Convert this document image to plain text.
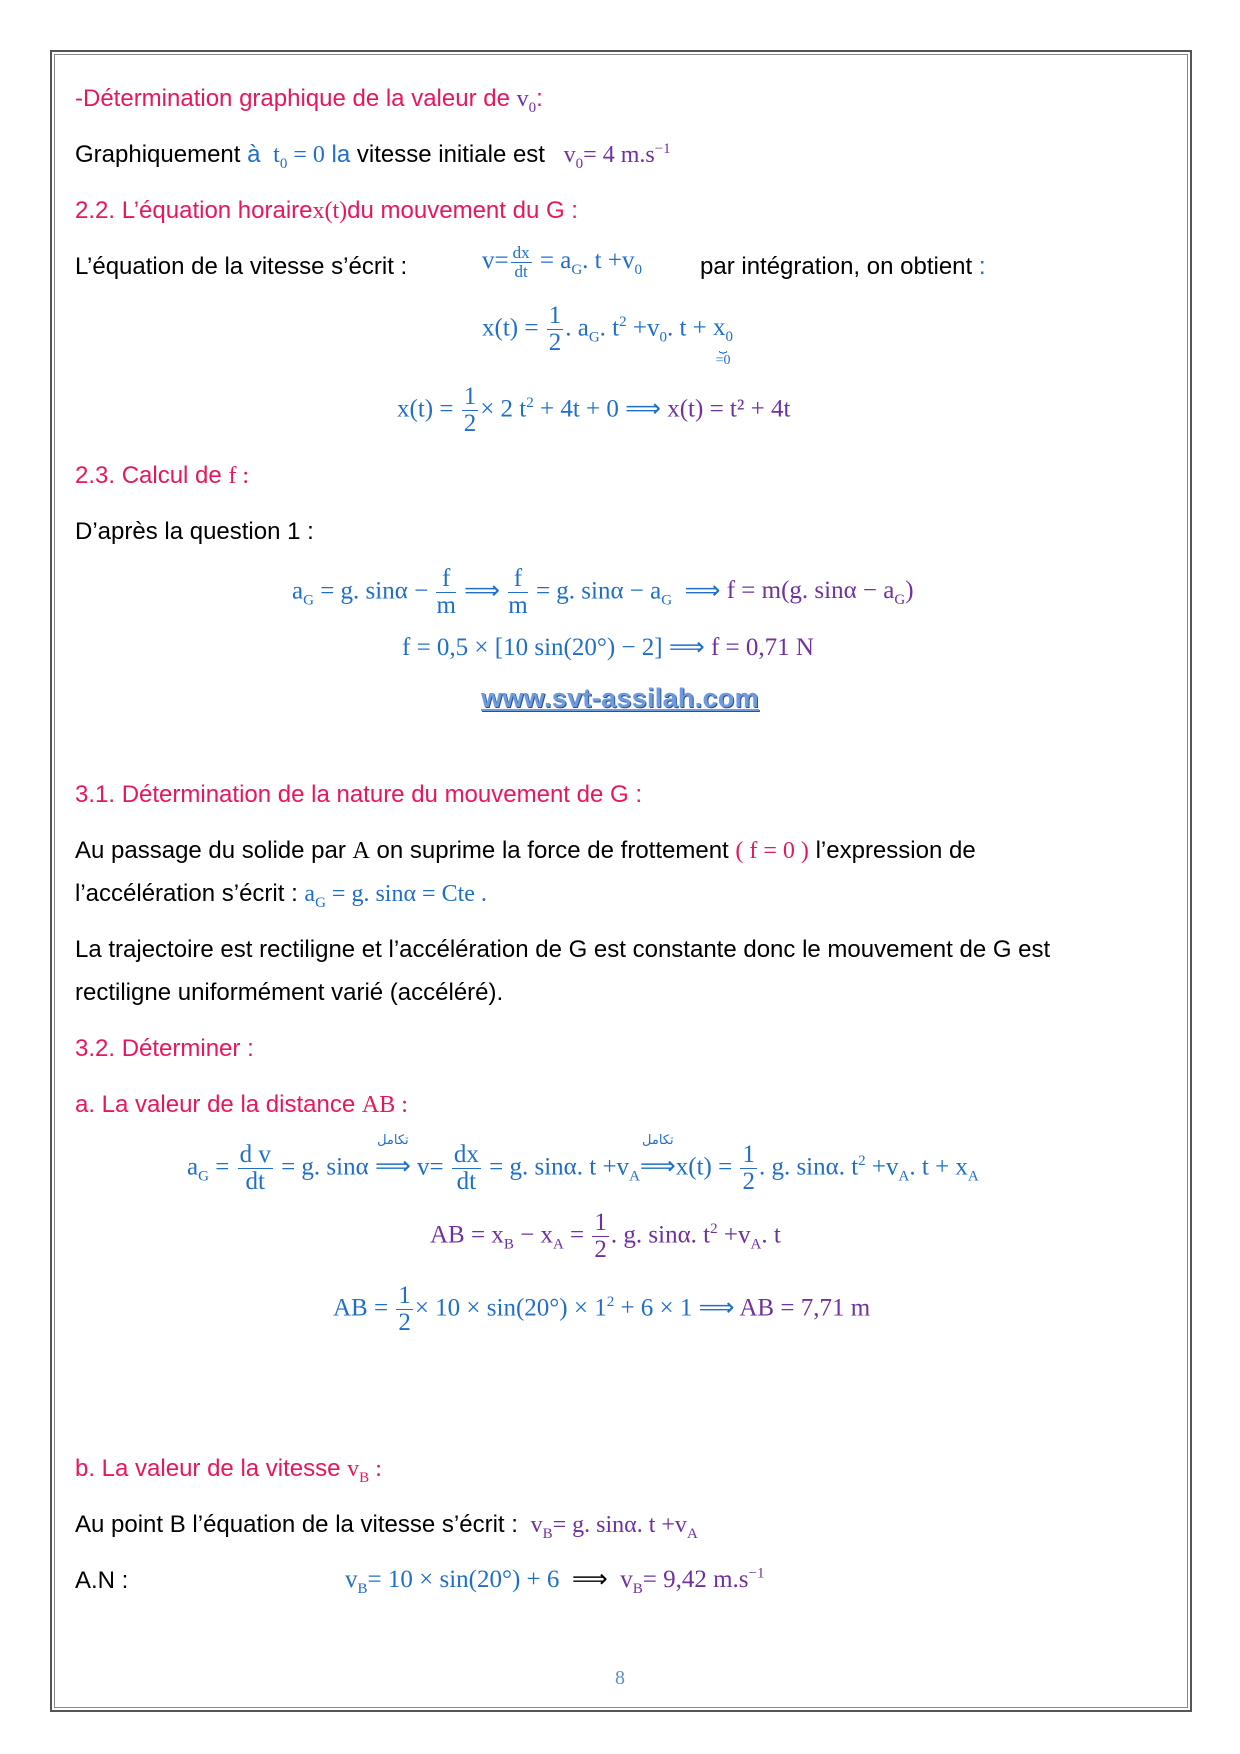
-Détermination graphique de la valeur de $v_0$:
Graphiquement à $t_0 = 0$ la vitesse initiale est   $v_0= 4$ $m.s^{-1}$
2.2. L’équation horairex(t)du mouvement du G :
L’équation de la vitesse s’écrit :	$v= \frac{dx}{dt} = a_G$. $t +v_0$ par intégration, on obtient :
$x(t) = \frac{1}{2}$ . $a_G$. $t^2 +v_0$. $t + x_0$
⏟
=0
$x(t) = \frac{1}{2} \times 2$ $t^2 + 4t + 0$ ⟹ x(t) = t² + 4t
2.3. Calcul de f :
D’après la question 1 :
$a_G = g$. $\sin\alpha - \frac{f}{m}$ ⟹ $\frac{f}{m} = g$. $\sin\alpha - a_G$  ⟹ f = m(g. $\sin\alpha - a_G$)
f = 0,5 × [10 sin(20°) − 2] ⟹ f = 0,71 N
www.svt-assilah.com
3.1. Détermination de la nature du mouvement de G :
Au passage du solide par A on suprime la force de frottement ( f = 0 ) l’expression de
l’accélération s’écrit : $a_G = g$. sinα = Cte .
La trajectoire est rectiligne et l’accélération de G est constante donc le mouvement de G est
rectiligne uniformément varié (accéléré).
3.2. Déterminer :
a. La valeur de la distance AB :
$a_G = \frac{\text{d v}}{dt} = g$. sinα ⟹
تكامل
$v= \frac{dx}{dt} = g$. sinα. $t +v_A⟹$
تكامل
$x(t) = \frac{1}{2}$ . g. sinα. $t^2 +v_A$. $t + x_A$
AB = $x_B - x_A = \frac{1}{2}$ . g. sinα. $t^2 +v_A$. t
AB = $\frac{1}{2} \times 10 \times \sin(20^\circ) \times 1^2 + 6 \times 1$ ⟹ AB = 7,71 m
b. La valeur de la vitesse $v_B$ :
Au point B l’équation de la vitesse s’écrit :  $v_B= g$. sinα. $t +v_A$
A.N :	$v_B= 10 \times \sin(20^\circ) + 6$  ⟹  $v_B= 9,42$ $m.s^{-1}$
8
